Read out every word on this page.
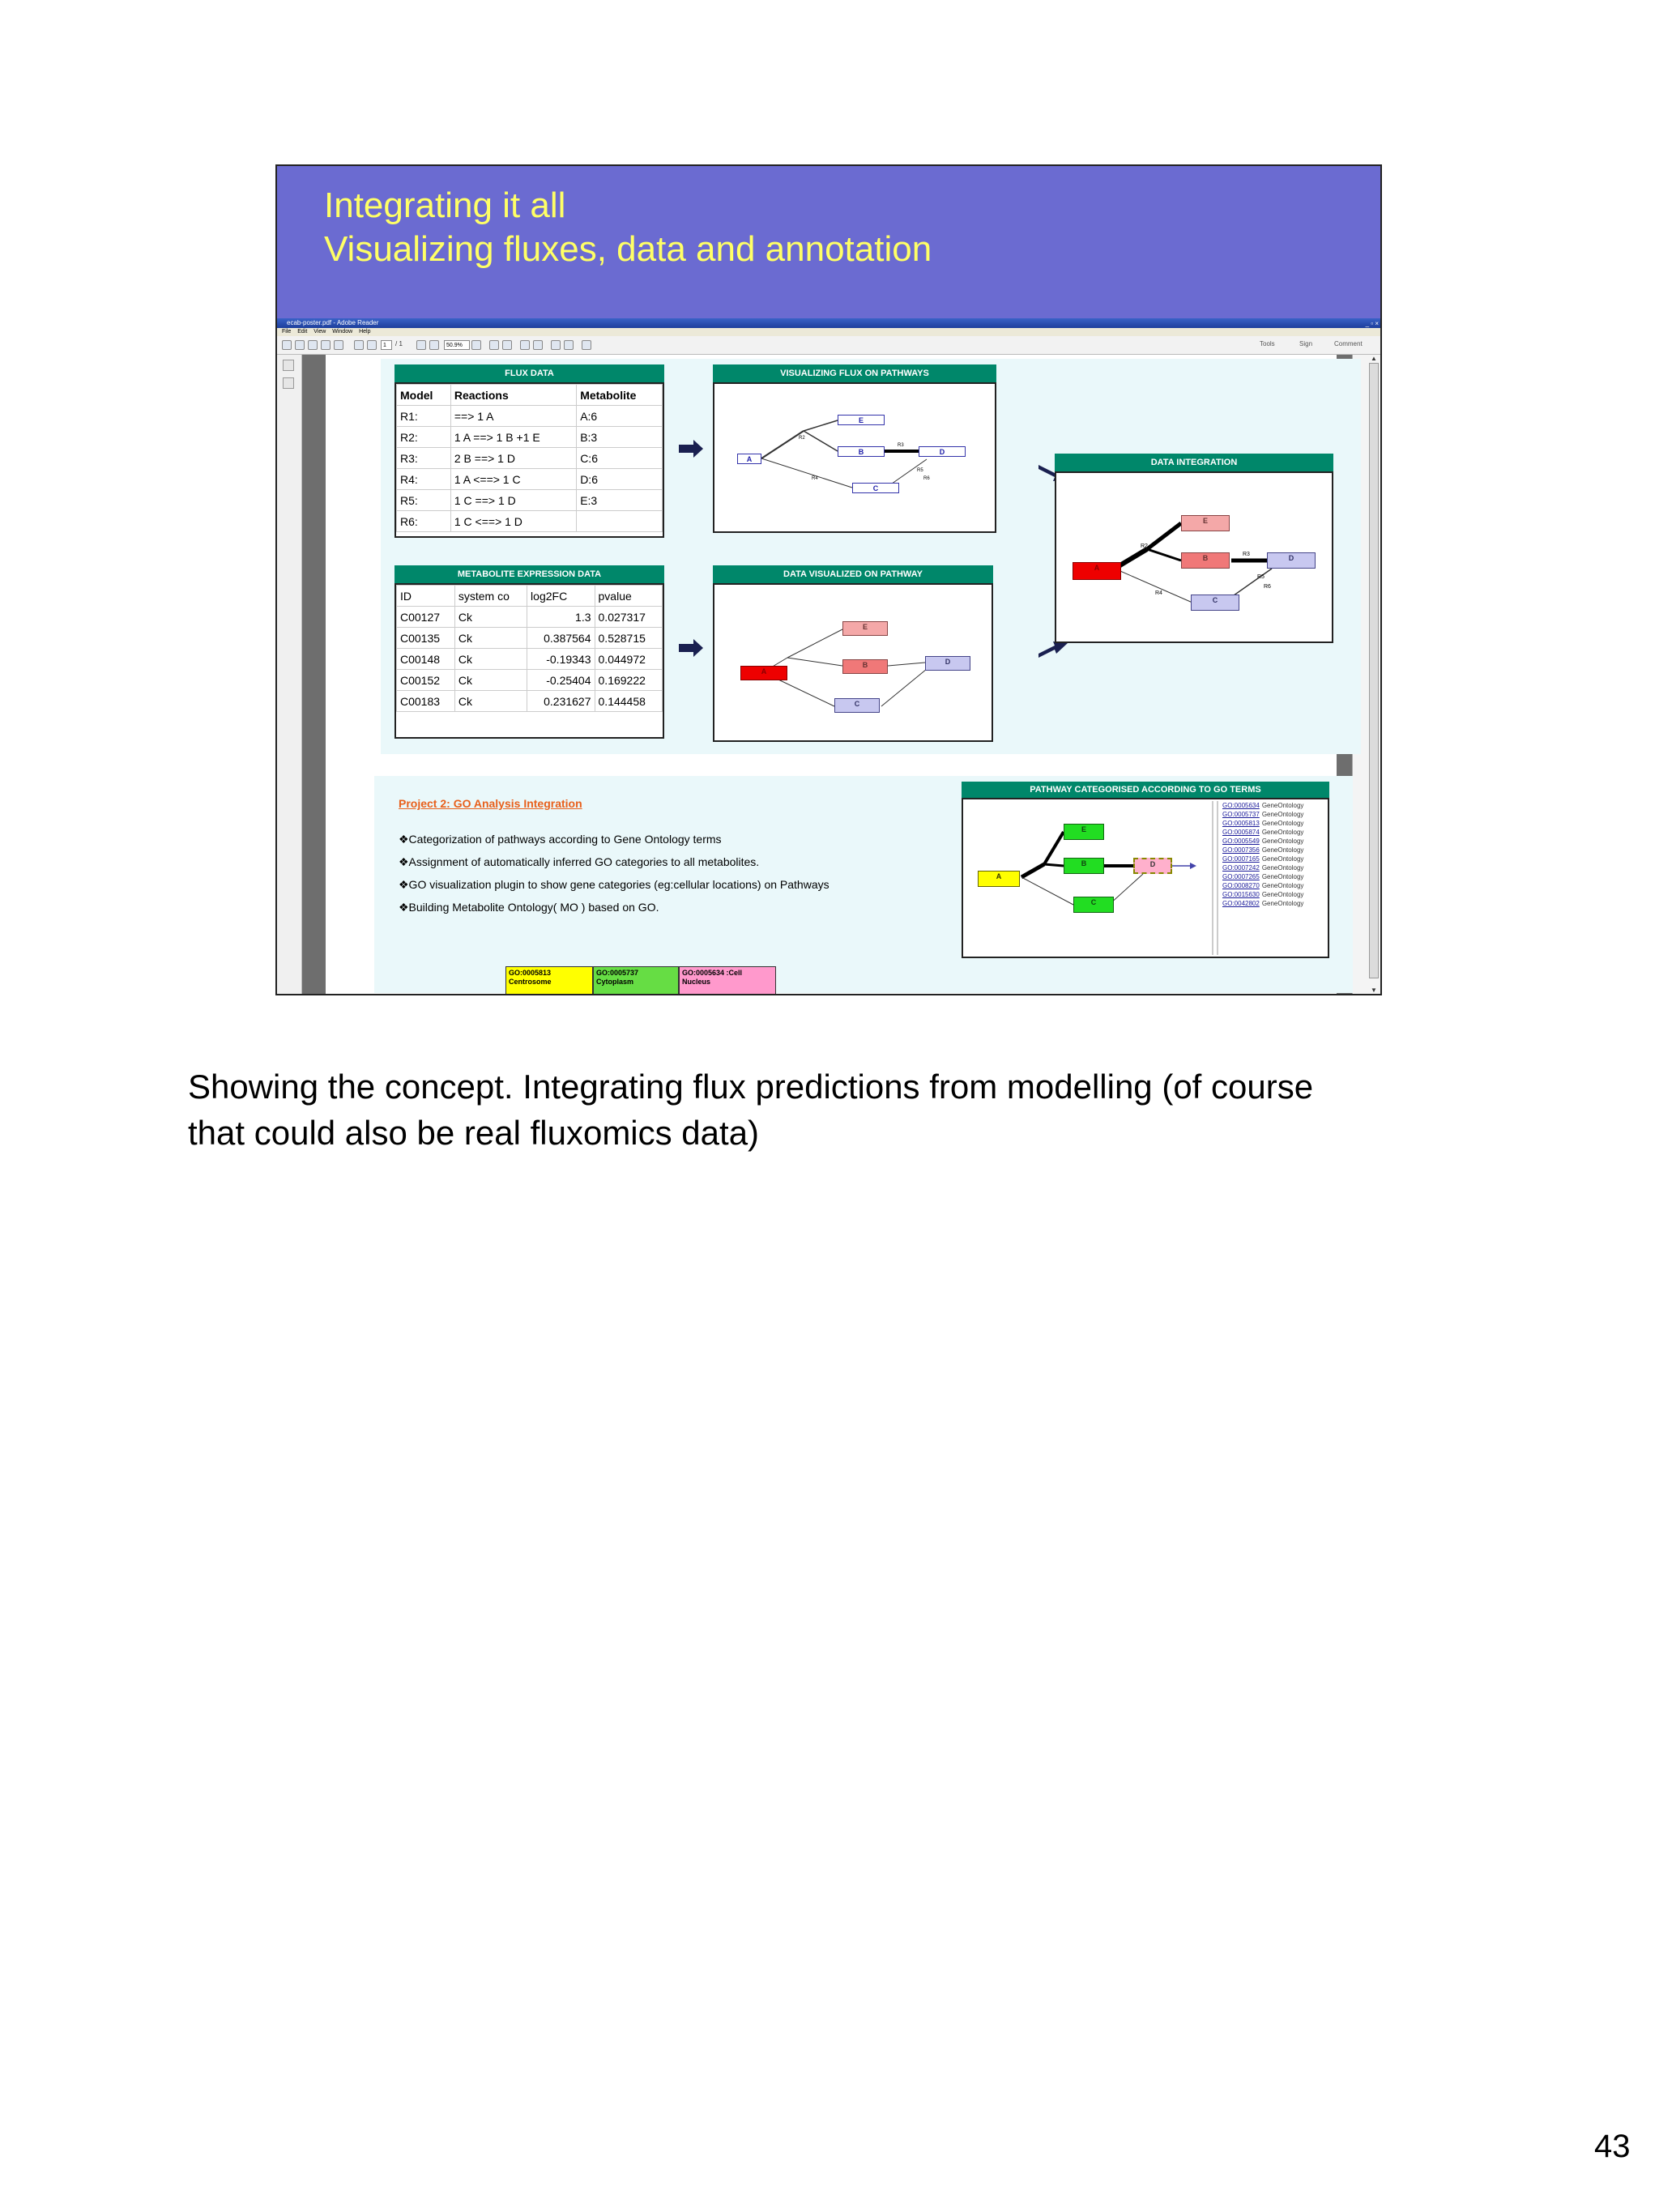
Integrating it all
Visualizing fluxes, data and annotation
ecab-poster.pdf - Adobe Reader	_ ▫ ×
File Edit View Window Help
1	/ 1	50.9%	Tools	Sign	Comment
▲
▼
FLUX DATA
Model	Reactions	Metabolite
R1:	==> 1 A	A:6
R2:	1 A ==> 1 B +1 E	B:3
R3:	2 B ==> 1 D	C:6
R4:	1 A <==> 1 C	D:6
R5:	1 C ==> 1 D	E:3
R6:	1 C <==> 1 D	
METABOLITE EXPRESSION DATA
ID	system co	log2FC	pvalue
C00127	Ck	1.3	0.027317
C00135	Ck	0.387564	0.528715
C00148	Ck	-0.19343	0.044972
C00152	Ck	-0.25404	0.169222
C00183	Ck	0.231627	0.144458
VISUALIZING FLUX ON PATHWAYS
R2
R3
R4
R5
R6
A
E
B	D
C
DATA VISUALIZED ON PATHWAY
A
E
B	D
C
DATA INTEGRATION
R2
R3
R4
R5
R6
A
E
B	D
C
Project 2: GO Analysis Integration
❖Categorization of pathways according to Gene Ontology terms
❖Assignment of automatically inferred GO categories to all metabolites.
❖GO visualization plugin to show gene categories (eg:cellular locations) on Pathways
❖Building Metabolite Ontology( MO ) based on GO.
GO:0005813
Centrosome
GO:0005737
Cytoplasm
GO:0005634 :Cell
Nucleus
PATHWAY CATEGORISED ACCORDING TO GO TERMS
A
E
B	D
C
GO:0005634 GeneOntology
GO:0005737 GeneOntology
GO:0005813 GeneOntology
GO:0005874 GeneOntology
GO:0005549 GeneOntology
GO:0007356 GeneOntology
GO:0007165 GeneOntology
GO:0007242 GeneOntology
GO:0007265 GeneOntology
GO:0008270 GeneOntology
GO:0015630 GeneOntology
GO:0042802 GeneOntology
Showing the concept. Integrating flux predictions from modelling (of course
that could also be real fluxomics data)
43
